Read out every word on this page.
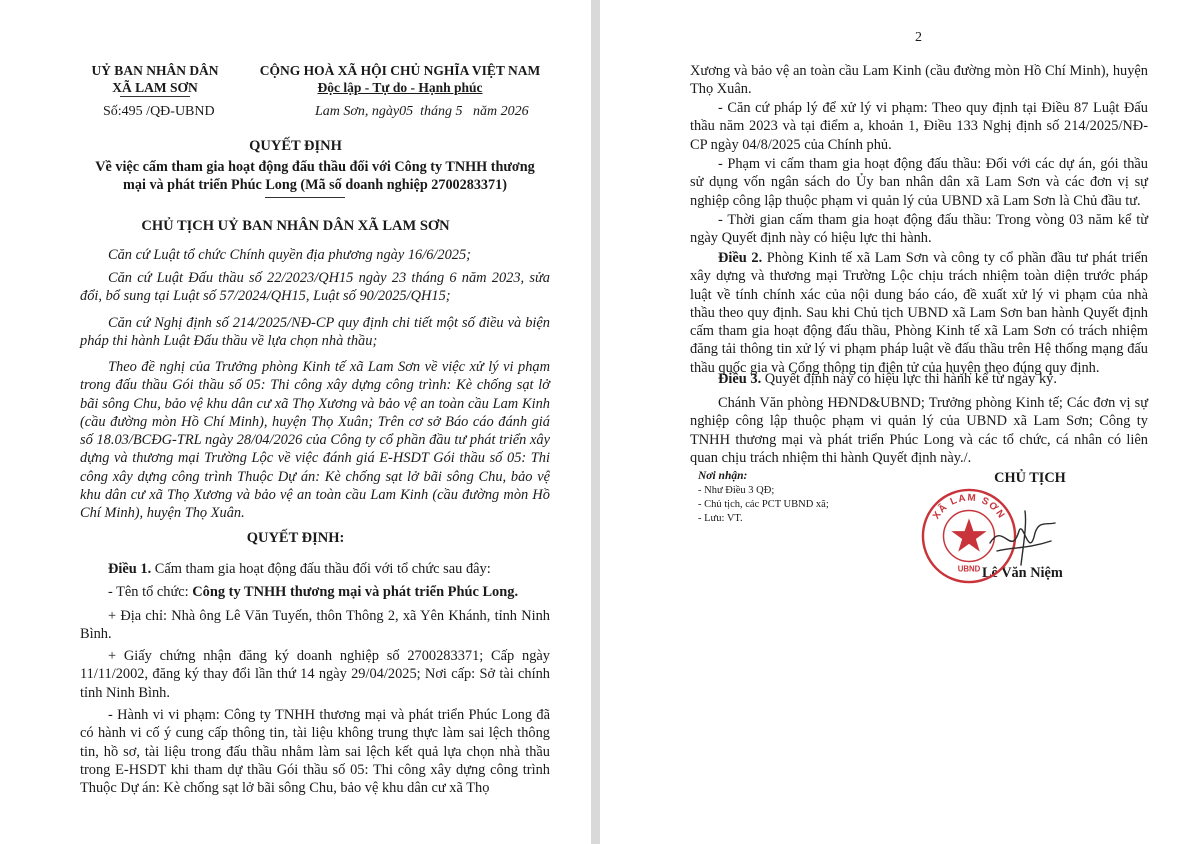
UỶ BAN NHÂN DÂN
XÃ LAM SƠN
CỘNG HOÀ XÃ HỘI CHỦ NGHĨA VIỆT NAM
Độc lập - Tự do - Hạnh phúc
Số:495 /QĐ-UBND	Lam Sơn, ngày05  tháng 5   năm 2026
QUYẾT ĐỊNH
Về việc cấm tham gia hoạt động đấu thầu đối với Công ty TNHH thương
mại và phát triển Phúc Long (Mã số doanh nghiệp 2700283371)
CHỦ TỊCH UỶ BAN NHÂN DÂN XÃ LAM SƠN
Căn cứ Luật tổ chức Chính quyền địa phương ngày 16/6/2025;
Căn cứ Luật Đấu thầu số 22/2023/QH15 ngày 23 tháng 6 năm 2023, sửa đổi, bổ sung tại Luật số 57/2024/QH15, Luật số 90/2025/QH15;
Căn cứ Nghị định số 214/2025/NĐ-CP quy định chi tiết một số điều và biện pháp thi hành Luật Đấu thầu về lựa chọn nhà thầu;
Theo đề nghị của Trưởng phòng Kinh tế xã Lam Sơn về việc xử lý vi phạm trong đấu thầu Gói thầu số 05: Thi công xây dựng công trình: Kè chống sạt lở bãi sông Chu, bảo vệ khu dân cư xã Thọ Xương và bảo vệ an toàn cầu Lam Kinh (cầu đường mòn Hồ Chí Minh), huyện Thọ Xuân; Trên cơ sở Báo cáo đánh giá số 18.03/BCĐG-TRL ngày 28/04/2026 của Công ty cổ phần đầu tư phát triển xây dựng và thương mại Trường Lộc về việc đánh giá E-HSDT Gói thầu số 05: Thi công xây dựng công trình Thuộc Dự án: Kè chống sạt lở bãi sông Chu, bảo vệ khu dân cư xã Thọ Xương và bảo vệ an toàn cầu Lam Kinh (cầu đường mòn Hồ Chí Minh), huyện Thọ Xuân.
QUYẾT ĐỊNH:
Điều 1. Cấm tham gia hoạt động đấu thầu đối với tổ chức sau đây:
- Tên tổ chức: Công ty TNHH thương mại và phát triển Phúc Long.
+ Địa chỉ: Nhà ông Lê Văn Tuyến, thôn Thông 2, xã Yên Khánh, tỉnh Ninh Bình.
+ Giấy chứng nhận đăng ký doanh nghiệp số 2700283371; Cấp ngày 11/11/2002, đăng ký thay đổi lần thứ 14 ngày 29/04/2025; Nơi cấp: Sở tài chính tỉnh Ninh Bình.
- Hành vi vi phạm: Công ty TNHH thương mại và phát triển Phúc Long đã có hành vi cố ý cung cấp thông tin, tài liệu không trung thực làm sai lệch thông tin, hồ sơ, tài liệu trong đấu thầu nhằm làm sai lệch kết quả lựa chọn nhà thầu trong E-HSDT khi tham dự thầu Gói thầu số 05: Thi công xây dựng công trình Thuộc Dự án: Kè chống sạt lở bãi sông Chu, bảo vệ khu dân cư xã Thọ
2
Xương và bảo vệ an toàn cầu Lam Kinh (cầu đường mòn Hồ Chí Minh), huyện Thọ Xuân.
- Căn cứ pháp lý để xử lý vi phạm: Theo quy định tại Điều 87 Luật Đấu thầu năm 2023 và tại điểm a, khoản 1, Điều 133 Nghị định số 214/2025/NĐ-CP ngày 04/8/2025 của Chính phủ.
- Phạm vi cấm tham gia hoạt động đấu thầu: Đối với các dự án, gói thầu sử dụng vốn ngân sách do Ủy ban nhân dân xã Lam Sơn và các đơn vị sự nghiệp công lập thuộc phạm vi quản lý của UBND xã Lam Sơn là Chủ đầu tư.
- Thời gian cấm tham gia hoạt động đấu thầu: Trong vòng 03 năm kể từ ngày Quyết định này có hiệu lực thi hành.
Điều 2. Phòng Kinh tế xã Lam Sơn và công ty cổ phần đầu tư phát triển xây dựng và thương mại Trường Lộc chịu trách nhiệm toàn diện trước pháp luật về tính chính xác của nội dung báo cáo, đề xuất xử lý vi phạm của nhà thầu theo quy định. Sau khi Chủ tịch UBND xã Lam Sơn ban hành Quyết định cấm tham gia hoạt động đấu thầu, Phòng Kinh tế xã Lam Sơn có trách nhiệm đăng tải thông tin xử lý vi phạm pháp luật về đấu thầu trên Hệ thống mạng đấu thầu quốc gia và Cổng thông tin điện tử của huyện theo đúng quy định.
Điều 3. Quyết định này có hiệu lực thi hành kể từ ngày ký.
Chánh Văn phòng HĐND&UBND; Trưởng phòng Kinh tế; Các đơn vị sự nghiệp công lập thuộc phạm vi quản lý của UBND xã Lam Sơn; Công ty TNHH thương mại và phát triển Phúc Long và các tổ chức, cá nhân có liên quan chịu trách nhiệm thi hành Quyết định này./.
Nơi nhận:
- Như Điều 3 QĐ;
- Chủ tịch, các PCT UBND xã;
- Lưu: VT.
CHỦ TỊCH
Lê Văn Niệm
XÃ LAM SƠN
UBND
